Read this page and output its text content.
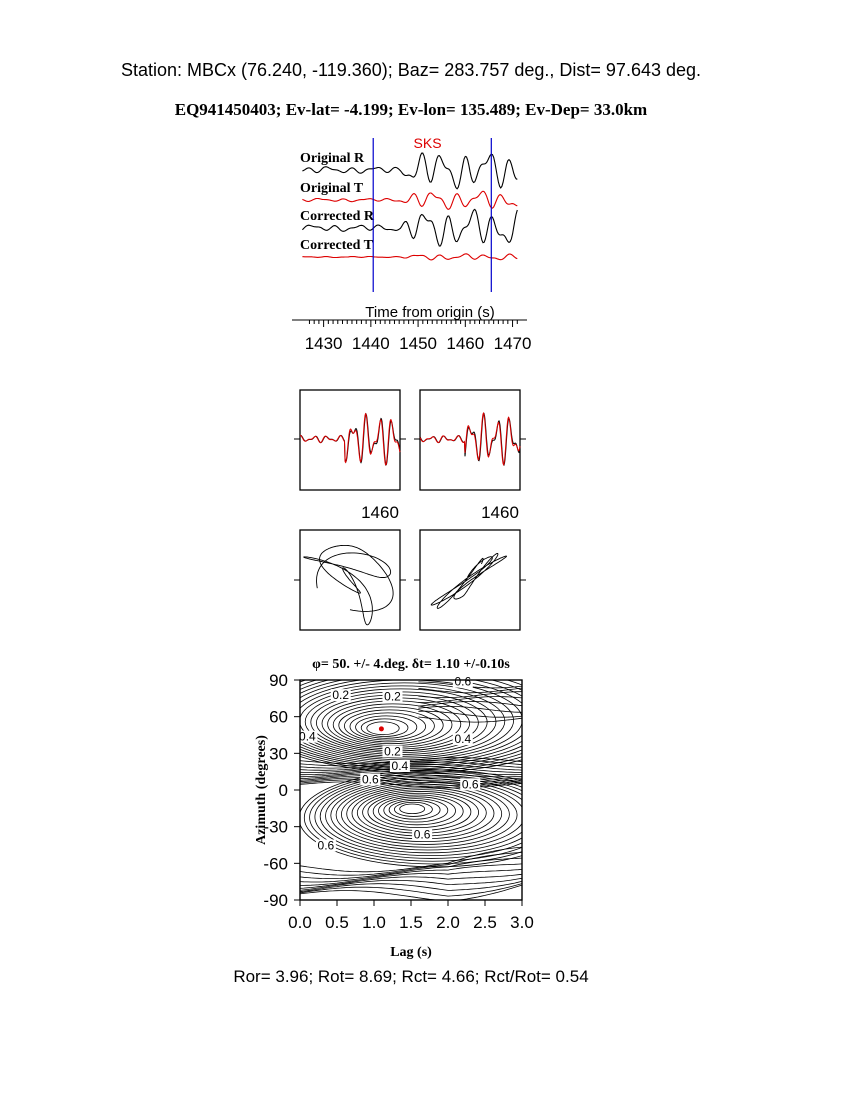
Station: MBCx (76.240, -119.360); Baz= 283.757 deg., Dist= 97.643 deg.
EQ941450403; Ev-lat= -4.199; Ev-lon= 135.489; Ev-Dep= 33.0km
Original R
Original T
Corrected R
Corrected T
SKS
Time from origin (s)
1430 1440 1450 1460 1470
1460	1460
φ= 50. +/- 4.deg. δt= 1.10 +/-0.10s
0.2	0.2
0.4	0.4
0.2
0.4
0.6	0.6
0.6
0.6
0.6
0.0 0.5 1.0 1.5 2.0 2.5 3.0
90
60
30
0
-30
-60
-90
Lag (s)
Azimuth (degrees)
Ror= 3.96; Rot= 8.69; Rct= 4.66; Rct/Rot= 0.54
